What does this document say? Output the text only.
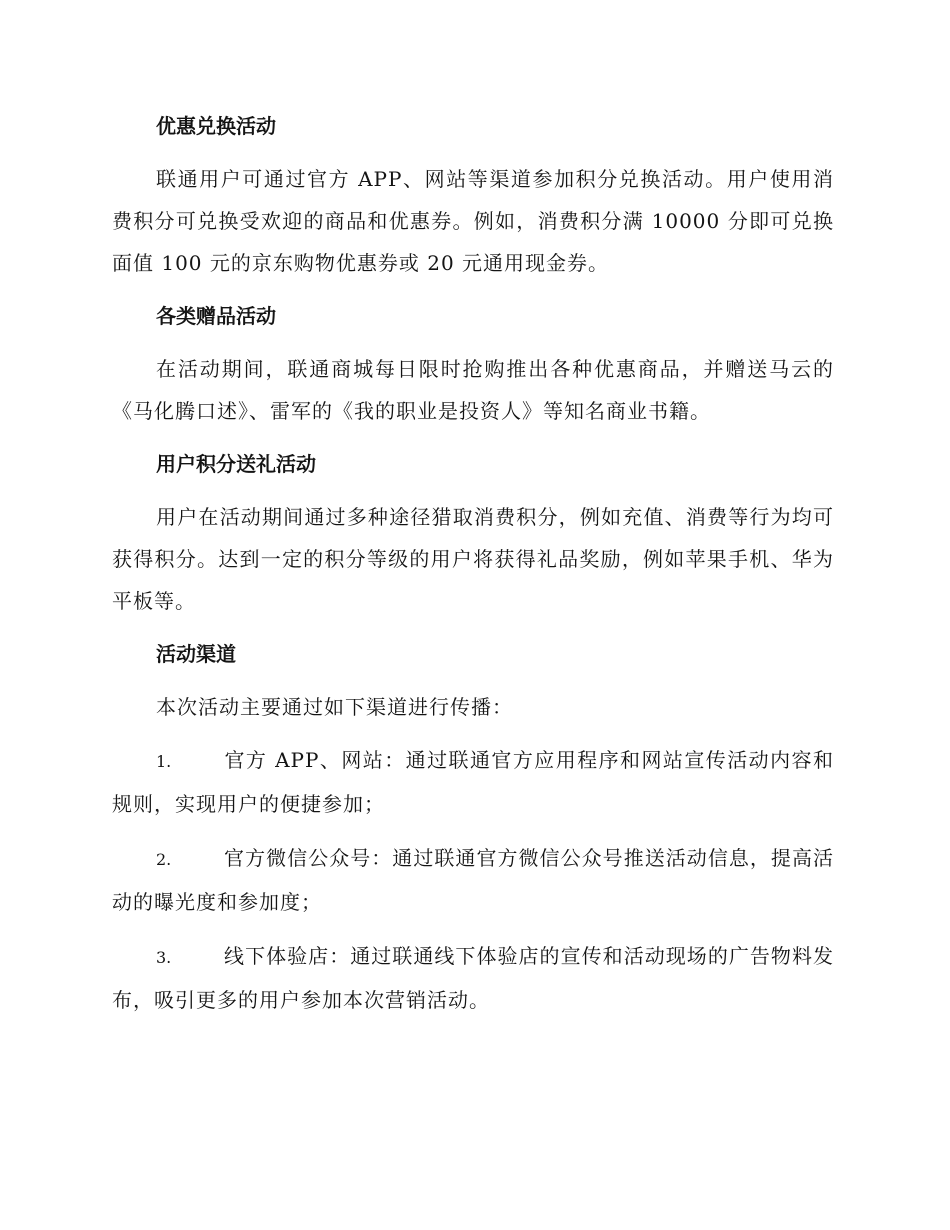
优惠兑换活动

联通用户可通过官方 APP、网站等渠道参加积分兑换活动。用户使用消费积分可兑换受欢迎的商品和优惠券。例如，消费积分满 10000 分即可兑换面值 100 元的京东购物优惠券或 20 元通用现金券。

各类赠品活动

在活动期间，联通商城每日限时抢购推出各种优惠商品，并赠送马云的《马化腾口述》、雷军的《我的职业是投资人》等知名商业书籍。

用户积分送礼活动

用户在活动期间通过多种途径猎取消费积分，例如充值、消费等行为均可获得积分。达到一定的积分等级的用户将获得礼品奖励，例如苹果手机、华为平板等。

活动渠道

本次活动主要通过如下渠道进行传播：

1.	官方 APP、网站：通过联通官方应用程序和网站宣传活动内容和规则，实现用户的便捷参加；

2.	官方微信公众号：通过联通官方微信公众号推送活动信息，提高活动的曝光度和参加度；

3.	线下体验店：通过联通线下体验店的宣传和活动现场的广告物料发布，吸引更多的用户参加本次营销活动。
